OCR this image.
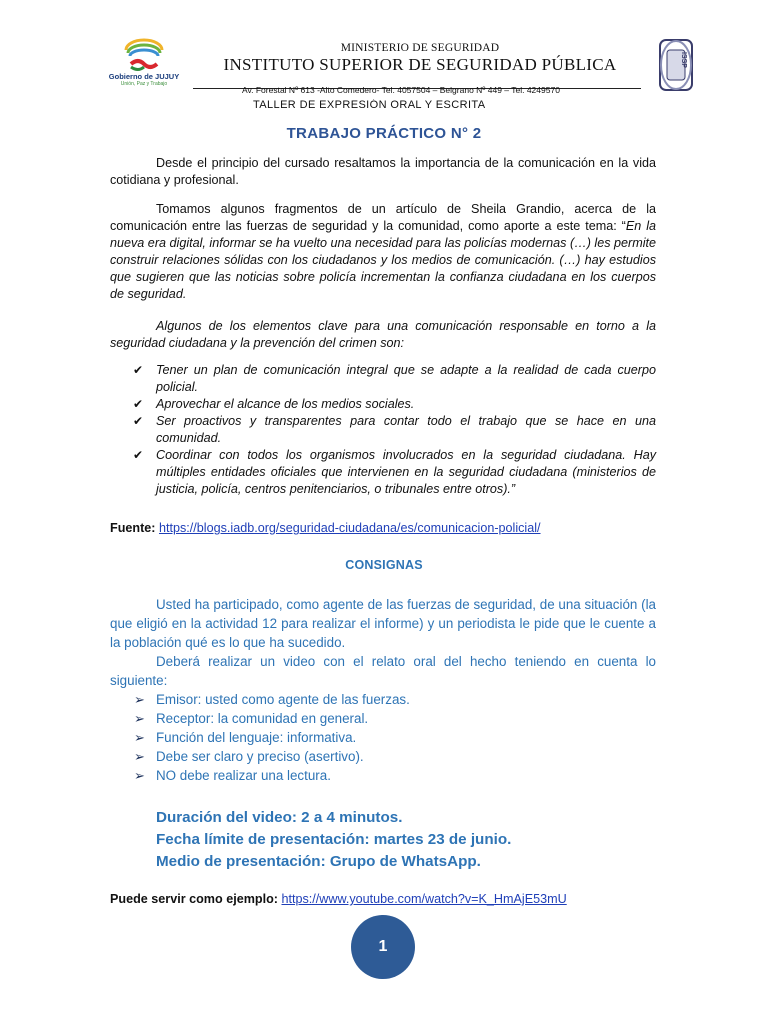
Gobierno de JUJUY
Unión, Paz y Trabajo
ISSP
MINISTERIO DE SEGURIDAD
INSTITUTO SUPERIOR DE SEGURIDAD PÚBLICA
Av. Forestal Nº 613 -Alto Comedero- Tel. 4057504 – Belgrano Nº 449 – Tel. 4249570
TALLER DE EXPRESIÓN ORAL Y ESCRITA
TRABAJO PRÁCTICO N° 2
Desde el principio del cursado resaltamos la importancia de la comunicación en la vida cotidiana y profesional.
Tomamos algunos fragmentos de un artículo de Sheila Grandio, acerca de la comunicación entre las fuerzas de seguridad y la comunidad, como aporte a este tema: “En la nueva era digital, informar se ha vuelto una necesidad para las policías modernas (…) les permite construir relaciones sólidas con los ciudadanos y los medios de comunicación. (…) hay estudios que sugieren que las noticias sobre policía incrementan la confianza ciudadana en los cuerpos de seguridad.
Algunos de los elementos clave para una comunicación responsable en torno a la seguridad ciudadana y la prevención del crimen son:
✔ Tener un plan de comunicación integral que se adapte a la realidad de cada cuerpo policial.
✔ Aprovechar el alcance de los medios sociales.
✔ Ser proactivos y transparentes para contar todo el trabajo que se hace en una comunidad.
✔ Coordinar con todos los organismos involucrados en la seguridad ciudadana. Hay múltiples entidades oficiales que intervienen en la seguridad ciudadana (ministerios de justicia, policía, centros penitenciarios, o tribunales entre otros).”
Fuente: https://blogs.iadb.org/seguridad-ciudadana/es/comunicacion-policial/
CONSIGNAS
Usted ha participado, como agente de las fuerzas de seguridad, de una situación (la que eligió en la actividad 12 para realizar el informe) y un periodista le pide que le cuente a la población qué es lo que ha sucedido.
Deberá realizar un video con el relato oral del hecho teniendo en cuenta lo siguiente:
➢ Emisor: usted como agente de las fuerzas.
➢ Receptor: la comunidad en general.
➢ Función del lenguaje: informativa.
➢ Debe ser claro y preciso (asertivo).
➢ NO debe realizar una lectura.
Duración del video: 2 a 4 minutos.
Fecha límite de presentación: martes 23 de junio.
Medio de presentación: Grupo de WhatsApp.
Puede servir como ejemplo: https://www.youtube.com/watch?v=K_HmAjE53mU
1
